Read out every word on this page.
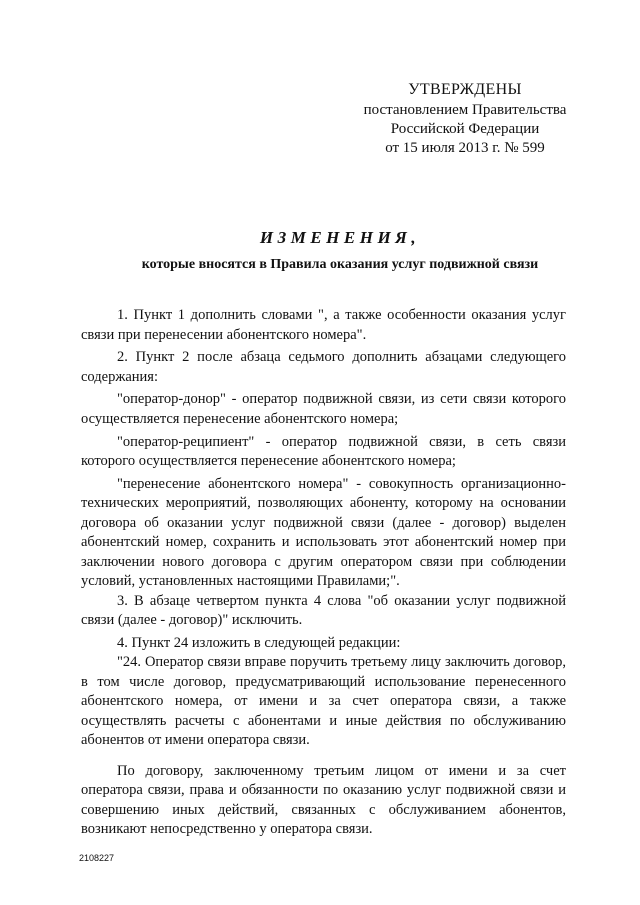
УТВЕРЖДЕНЫ
постановлением Правительства
Российской Федерации
от 15 июля 2013 г. № 599
ИЗМЕНЕНИЯ,
которые вносятся в Правила оказания услуг подвижной связи

1. Пункт 1 дополнить словами ", а также особенности оказания услуг связи при перенесении абонентского номера".

2. Пункт 2 после абзаца седьмого дополнить абзацами следующего содержания:

"оператор-донор" - оператор подвижной связи, из сети связи которого осуществляется перенесение абонентского номера;

"оператор-реципиент" - оператор подвижной связи, в сеть связи которого осуществляется перенесение абонентского номера;

"перенесение абонентского номера" - совокупность организационно-технических мероприятий, позволяющих абоненту, которому на основании договора об оказании услуг подвижной связи (далее - договор) выделен абонентский номер, сохранить и использовать этот абонентский номер при заключении нового договора с другим оператором связи при соблюдении условий, установленных настоящими Правилами;".

3. В абзаце четвертом пункта 4 слова "об оказании услуг подвижной связи (далее - договор)" исключить.

4. Пункт 24 изложить в следующей редакции:

"24. Оператор связи вправе поручить третьему лицу заключить договор, в том числе договор, предусматривающий использование перенесенного абонентского номера, от имени и за счет оператора связи, а также осуществлять расчеты с абонентами и иные действия по обслуживанию абонентов от имени оператора связи.

По договору, заключенному третьим лицом от имени и за счет оператора связи, права и обязанности по оказанию услуг подвижной связи и совершению иных действий, связанных с обслуживанием абонентов, возникают непосредственно у оператора связи.

2108227
